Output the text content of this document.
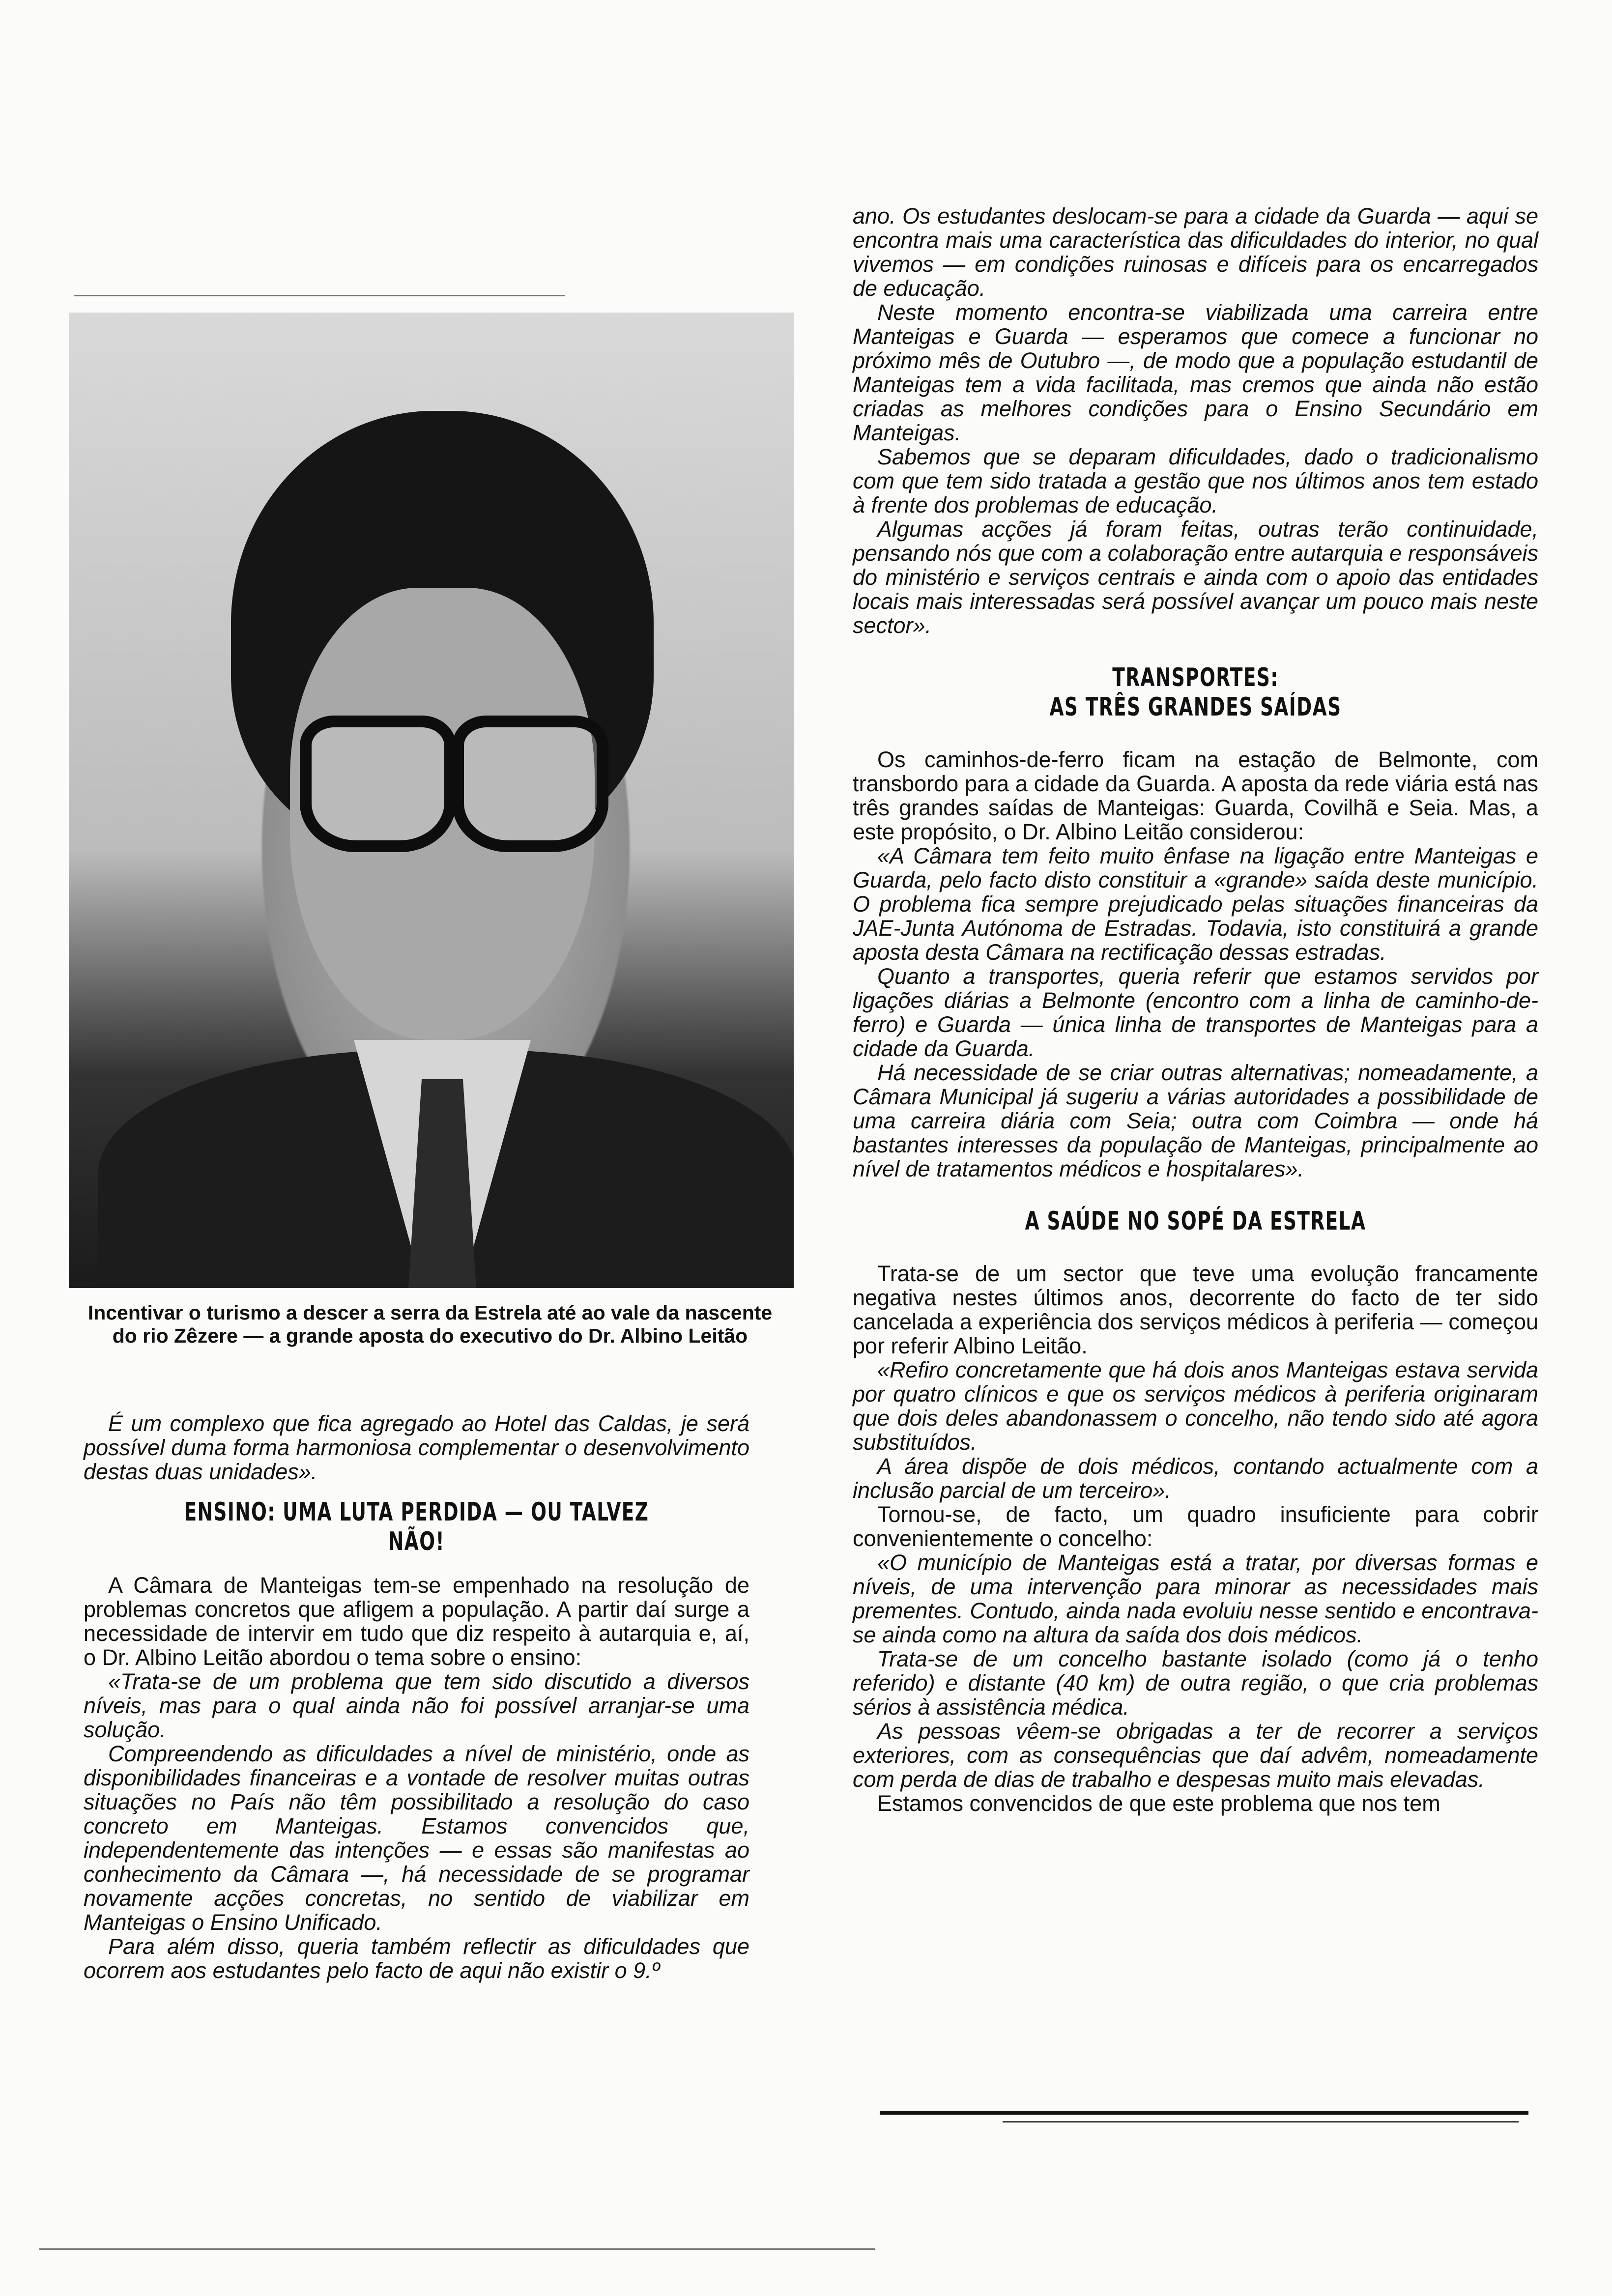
Incentivar o turismo a descer a serra da Estrela até ao vale da nascente do rio Zêzere — a grande aposta do executivo do Dr. Albino Leitão

É um complexo que fica agregado ao Hotel das Caldas, je será possível duma forma harmoniosa complementar o desenvolvimento destas duas unidades».

ENSINO: UMA LUTA PERDIDA — OU TALVEZ NÃO!

A Câmara de Manteigas tem-se empenhado na resolução de problemas concretos que afligem a população. A partir daí surge a necessidade de intervir em tudo que diz respeito à autarquia e, aí, o Dr. Albino Leitão abordou o tema sobre o ensino:

«Trata-se de um problema que tem sido discutido a diversos níveis, mas para o qual ainda não foi possível arranjar-se uma solução.

Compreendendo as dificuldades a nível de ministério, onde as disponibilidades financeiras e a vontade de resolver muitas outras situações no País não têm possibilitado a resolução do caso concreto em Manteigas. Estamos convencidos que, independentemente das intenções — e essas são manifestas ao conhecimento da Câmara —, há necessidade de se programar novamente acções concretas, no sentido de viabilizar em Manteigas o Ensino Unificado.

Para além disso, queria também reflectir as dificuldades que ocorrem aos estudantes pelo facto de aqui não existir o 9.º

ano. Os estudantes deslocam-se para a cidade da Guarda — aqui se encontra mais uma característica das dificuldades do interior, no qual vivemos — em condições ruinosas e difíceis para os encarregados de educação.

Neste momento encontra-se viabilizada uma carreira entre Manteigas e Guarda — esperamos que comece a funcionar no próximo mês de Outubro —, de modo que a população estudantil de Manteigas tem a vida facilitada, mas cremos que ainda não estão criadas as melhores condições para o Ensino Secundário em Manteigas.

Sabemos que se deparam dificuldades, dado o tradicionalismo com que tem sido tratada a gestão que nos últimos anos tem estado à frente dos problemas de educação.

Algumas acções já foram feitas, outras terão continuidade, pensando nós que com a colaboração entre autarquia e responsáveis do ministério e serviços centrais e ainda com o apoio das entidades locais mais interessadas será possível avançar um pouco mais neste sector».

TRANSPORTES:
AS TRÊS GRANDES SAÍDAS

Os caminhos-de-ferro ficam na estação de Belmonte, com transbordo para a cidade da Guarda. A aposta da rede viária está nas três grandes saídas de Manteigas: Guarda, Covilhã e Seia. Mas, a este propósito, o Dr. Albino Leitão considerou:

«A Câmara tem feito muito ênfase na ligação entre Manteigas e Guarda, pelo facto disto constituir a «grande» saída deste município. O problema fica sempre prejudicado pelas situações financeiras da JAE-Junta Autónoma de Estradas. Todavia, isto constituirá a grande aposta desta Câmara na rectificação dessas estradas.

Quanto a transportes, queria referir que estamos servidos por ligações diárias a Belmonte (encontro com a linha de caminho-de-ferro) e Guarda — única linha de transportes de Manteigas para a cidade da Guarda.

Há necessidade de se criar outras alternativas; nomeadamente, a Câmara Municipal já sugeriu a várias autoridades a possibilidade de uma carreira diária com Seia; outra com Coimbra — onde há bastantes interesses da população de Manteigas, principalmente ao nível de tratamentos médicos e hospitalares».

A SAÚDE NO SOPÉ DA ESTRELA

Trata-se de um sector que teve uma evolução francamente negativa nestes últimos anos, decorrente do facto de ter sido cancelada a experiência dos serviços médicos à periferia — começou por referir Albino Leitão.

«Refiro concretamente que há dois anos Manteigas estava servida por quatro clínicos e que os serviços médicos à periferia originaram que dois deles abandonassem o concelho, não tendo sido até agora substituídos.

A área dispõe de dois médicos, contando actualmente com a inclusão parcial de um terceiro».

Tornou-se, de facto, um quadro insuficiente para cobrir convenientemente o concelho:

«O município de Manteigas está a tratar, por diversas formas e níveis, de uma intervenção para minorar as necessidades mais prementes. Contudo, ainda nada evoluiu nesse sentido e encontrava-se ainda como na altura da saída dos dois médicos.

Trata-se de um concelho bastante isolado (como já o tenho referido) e distante (40 km) de outra região, o que cria problemas sérios à assistência médica.

As pessoas vêem-se obrigadas a ter de recorrer a serviços exteriores, com as consequências que daí advêm, nomeadamente com perda de dias de trabalho e despesas muito mais elevadas.

Estamos convencidos de que este problema que nos tem
